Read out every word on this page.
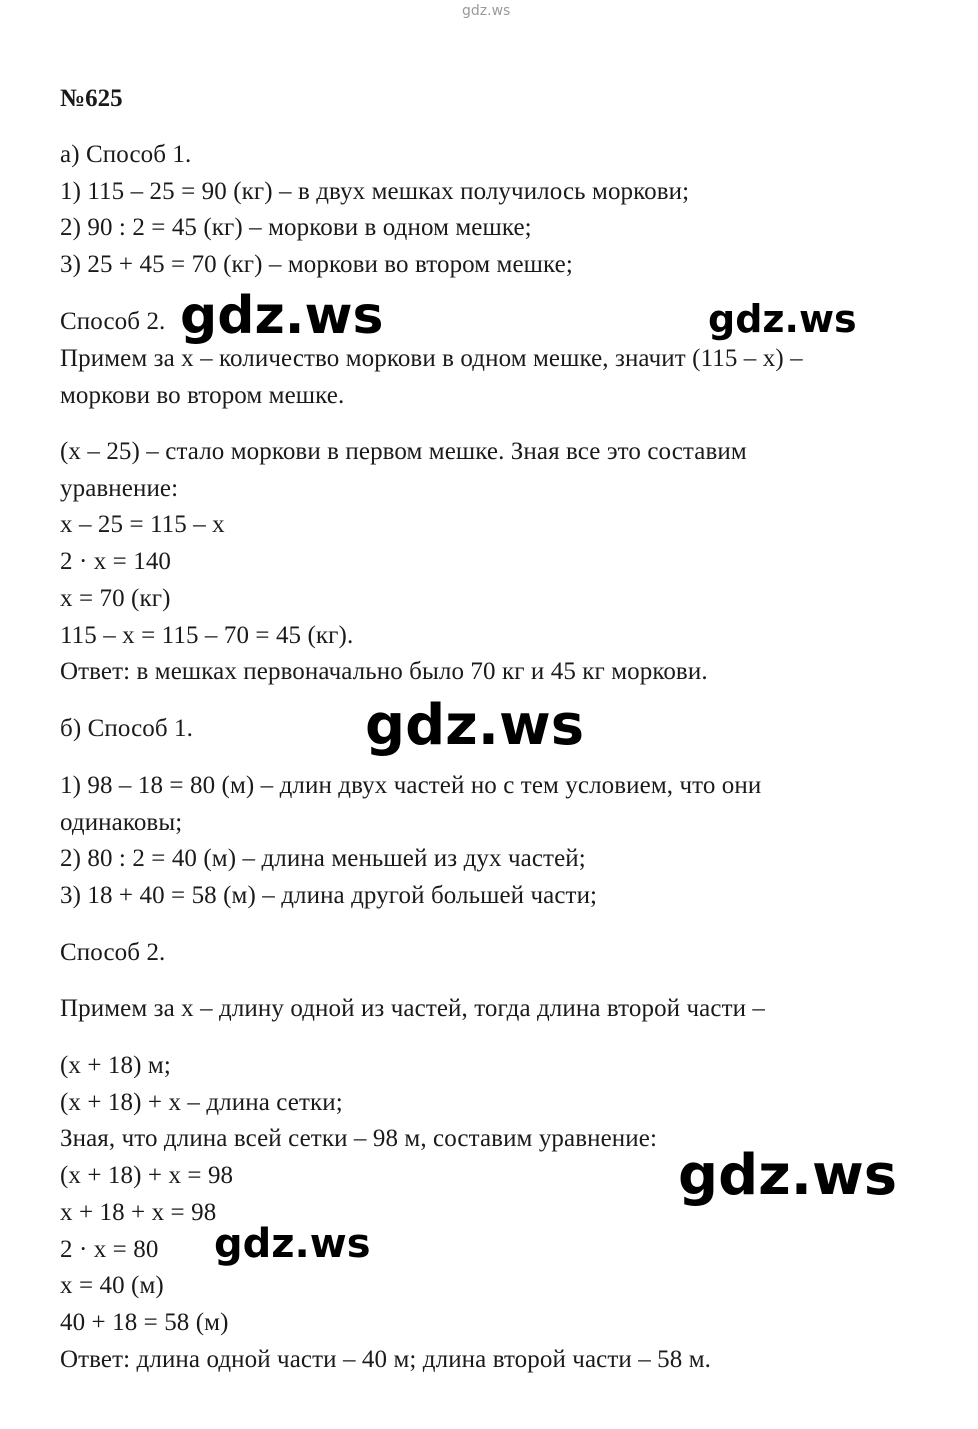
gdz.ws
№625
а) Способ 1.
1) 115 – 25 = 90 (кг) – в двух мешках получилось моркови;
2) 90 : 2 = 45 (кг) – моркови в одном мешке;
3) 25 + 45 = 70 (кг) – моркови во втором мешке;
Способ 2.
Примем за х – количество моркови в одном мешке, значит (115 – х) –
моркови во втором мешке.
(х – 25) – стало моркови в первом мешке. Зная все это составим
уравнение:
х – 25 = 115 – х
2 · х = 140
х = 70 (кг)
115 – х = 115 – 70 = 45 (кг).
Ответ: в мешках первоначально было 70 кг и 45 кг моркови.
б) Способ 1.
1) 98 – 18 = 80 (м) – длин двух частей но с тем условием, что они
одинаковы;
2) 80 : 2 = 40 (м) – длина меньшей из дух частей;
3) 18 + 40 = 58 (м) – длина другой большей части;
Способ 2.
Примем за х – длину одной из частей, тогда длина второй части –
(х + 18) м;
(х + 18) + х – длина сетки;
Зная, что длина всей сетки – 98 м, составим уравнение:
(х + 18) + х = 98
х + 18 + х = 98
2 · х = 80
х = 40 (м)
40 + 18 = 58 (м)
Ответ: длина одной части – 40 м; длина второй части – 58 м.
gdz.ws	gdz.ws
gdz.ws
gdz.ws
gdz.ws
